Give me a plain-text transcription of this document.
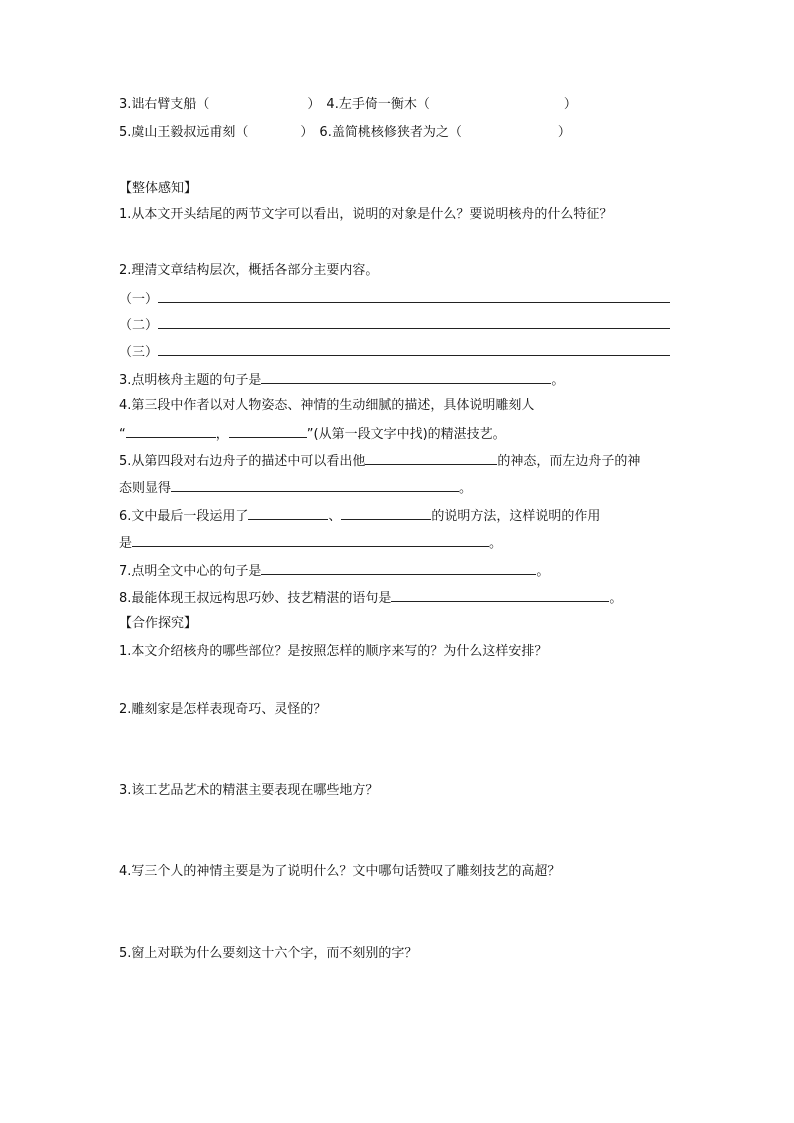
3.诎右臂支船（	） 4.左手倚一衡木（	）
5.虞山王毅叔远甫刻（	） 6.盖简桃核修狭者为之（	）
【整体感知】
1.从本文开头结尾的两节文字可以看出，说明的对象是什么？要说明核舟的什么特征？
2.理清文章结构层次，概括各部分主要内容。
（一）
（二）
（三）
3.点明核舟主题的句子是	。
4.第三段中作者以对人物姿态、神情的生动细腻的描述，具体说明雕刻人
“	，	”(从第一段文字中找)的精湛技艺。
5.从第四段对右边舟子的描述中可以看出他	的神态，而左边舟子的神
态则显得	。
6.文中最后一段运用了	、	的说明方法，这样说明的作用
是	。
7.点明全文中心的句子是	。
8.最能体现王叔远构思巧妙、技艺精湛的语句是	。
【合作探究】
1.本文介绍核舟的哪些部位？是按照怎样的顺序来写的？为什么这样安排？
2.雕刻家是怎样表现奇巧、灵怪的？
3.该工艺品艺术的精湛主要表现在哪些地方？
4.写三个人的神情主要是为了说明什么？文中哪句话赞叹了雕刻技艺的高超？
5.窗上对联为什么要刻这十六个字，而不刻别的字？
